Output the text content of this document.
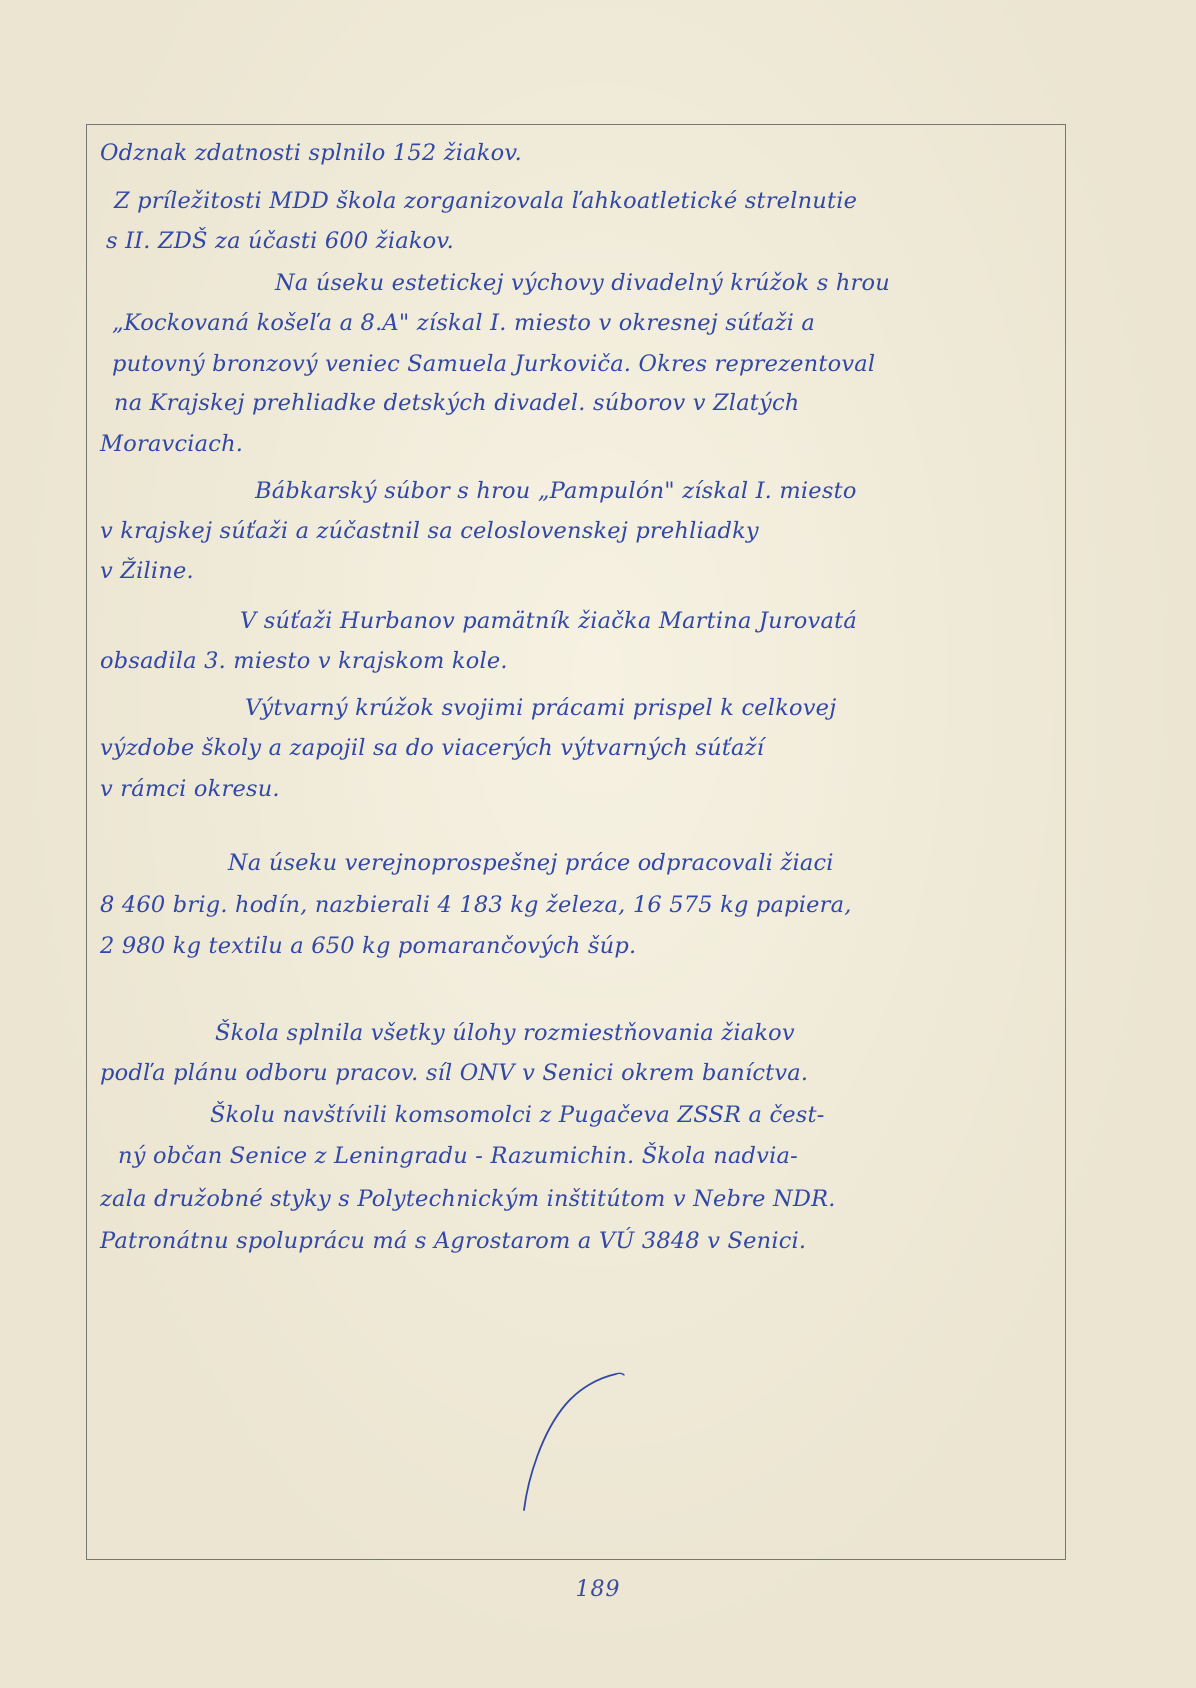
Odznak zdatnosti splnilo 152 žiakov.
Z príležitosti MDD škola zorganizovala ľahkoatletické strelnutie
s II. ZDŠ za účasti 600 žiakov.
Na úseku estetickej výchovy divadelný krúžok s hrou
„Kockovaná košeľa a 8.A" získal I. miesto v okresnej súťaži a
putovný bronzový veniec Samuela Jurkoviča. Okres reprezentoval
na Krajskej prehliadke detských divadel. súborov v Zlatých
Moravciach.
Bábkarský súbor s hrou „Pampulón" získal I. miesto
v krajskej súťaži a zúčastnil sa celoslovenskej prehliadky
v Žiline.
V súťaži Hurbanov pamätník žiačka Martina Jurovatá
obsadila 3. miesto v krajskom kole.
Výtvarný krúžok svojimi prácami prispel k celkovej
výzdobe školy a zapojil sa do viacerých výtvarných súťaží
v rámci okresu.
Na úseku verejnoprospešnej práce odpracovali žiaci
8 460 brig. hodín, nazbierali 4 183 kg železa, 16 575 kg papiera,
2 980 kg textilu a 650 kg pomarančových šúp.
Škola splnila všetky úlohy rozmiestňovania žiakov
podľa plánu odboru pracov. síl ONV v Senici okrem baníctva.
Školu navštívili komsomolci z Pugačeva ZSSR a čest-
ný občan Senice z Leningradu - Razumichin. Škola nadvia-
zala družobné styky s Polytechnickým inštitútom v Nebre NDR.
Patronátnu spoluprácu má s Agrostarom a VÚ 3848 v Senici.
189
